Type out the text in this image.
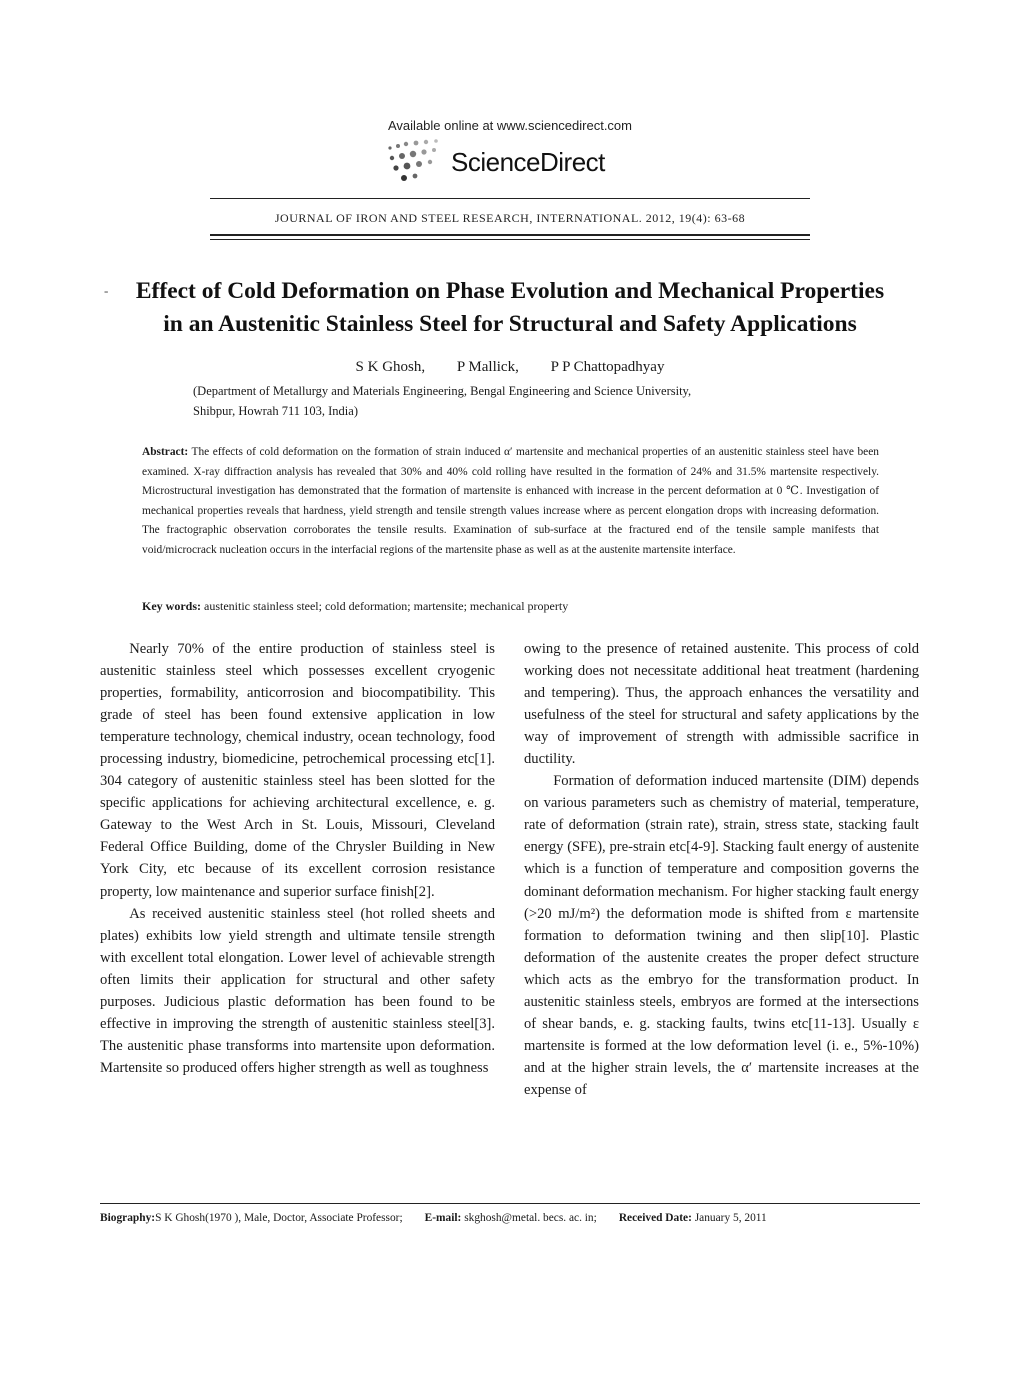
Available online at www.sciencedirect.com
ScienceDirect
JOURNAL OF IRON AND STEEL RESEARCH, INTERNATIONAL. 2012, 19(4): 63-68
-	Effect of Cold Deformation on Phase Evolution and Mechanical Properties
in an Austenitic Stainless Steel for Structural and Safety Applications
S K Ghosh, P Mallick, P P Chattopadhyay
(Department of Metallurgy and Materials Engineering, Bengal Engineering and Science University,
Shibpur, Howrah 711 103, India)
Abstract: The effects of cold deformation on the formation of strain induced α′ martensite and mechanical properties of an austenitic stainless steel have been examined. X-ray diffraction analysis has revealed that 30% and 40% cold rolling have resulted in the formation of 24% and 31.5% martensite respectively. Microstructural investigation has demonstrated that the formation of martensite is enhanced with increase in the percent deformation at 0 ℃. Investigation of mechanical properties reveals that hardness, yield strength and tensile strength values increase where as percent elongation drops with increasing deformation. The fractographic observation corroborates the tensile results. Examination of sub-surface at the fractured end of the tensile sample manifests that void/microcrack nucleation occurs in the interfacial regions of the martensite phase as well as at the austenite martensite interface.
Key words: austenitic stainless steel; cold deformation; martensite; mechanical property

Nearly 70% of the entire production of stainless steel is austenitic stainless steel which possesses excellent cryogenic properties, formability, anticorrosion and biocompatibility. This grade of steel has been found extensive application in low temperature technology, chemical industry, ocean technology, food processing industry, biomedicine, petrochemical processing etc[1]. 304 category of austenitic stainless steel has been slotted for the specific applications for achieving architectural excellence, e. g. Gateway to the West Arch in St. Louis, Missouri, Cleveland Federal Office Building, dome of the Chrysler Building in New York City, etc because of its excellent corrosion resistance property, low maintenance and superior surface finish[2].

As received austenitic stainless steel (hot rolled sheets and plates) exhibits low yield strength and ultimate tensile strength with excellent total elongation. Lower level of achievable strength often limits their application for structural and other safety purposes. Judicious plastic deformation has been found to be effective in improving the strength of austenitic stainless steel[3]. The austenitic phase transforms into martensite upon deformation. Martensite so produced offers higher strength as well as toughness

owing to the presence of retained austenite. This process of cold working does not necessitate additional heat treatment (hardening and tempering). Thus, the approach enhances the versatility and usefulness of the steel for structural and safety applications by the way of improvement of strength with admissible sacrifice in ductility.

Formation of deformation induced martensite (DIM) depends on various parameters such as chemistry of material, temperature, rate of deformation (strain rate), strain, stress state, stacking fault energy (SFE), pre-strain etc[4-9]. Stacking fault energy of austenite which is a function of temperature and composition governs the dominant deformation mechanism. For higher stacking fault energy (>20 mJ/m²) the deformation mode is shifted from ε martensite formation to deformation twining and then slip[10]. Plastic deformation of the austenite creates the proper defect structure which acts as the embryo for the transformation product. In austenitic stainless steels, embryos are formed at the intersections of shear bands, e. g. stacking faults, twins etc[11-13]. Usually ε martensite is formed at the low deformation level (i. e., 5%-10%) and at the higher strain levels, the α′ martensite increases at the expense of

Biography:S K Ghosh(1970 ), Male, Doctor, Associate Professor; E-mail: skghosh@metal. becs. ac. in; Received Date: January 5, 2011
